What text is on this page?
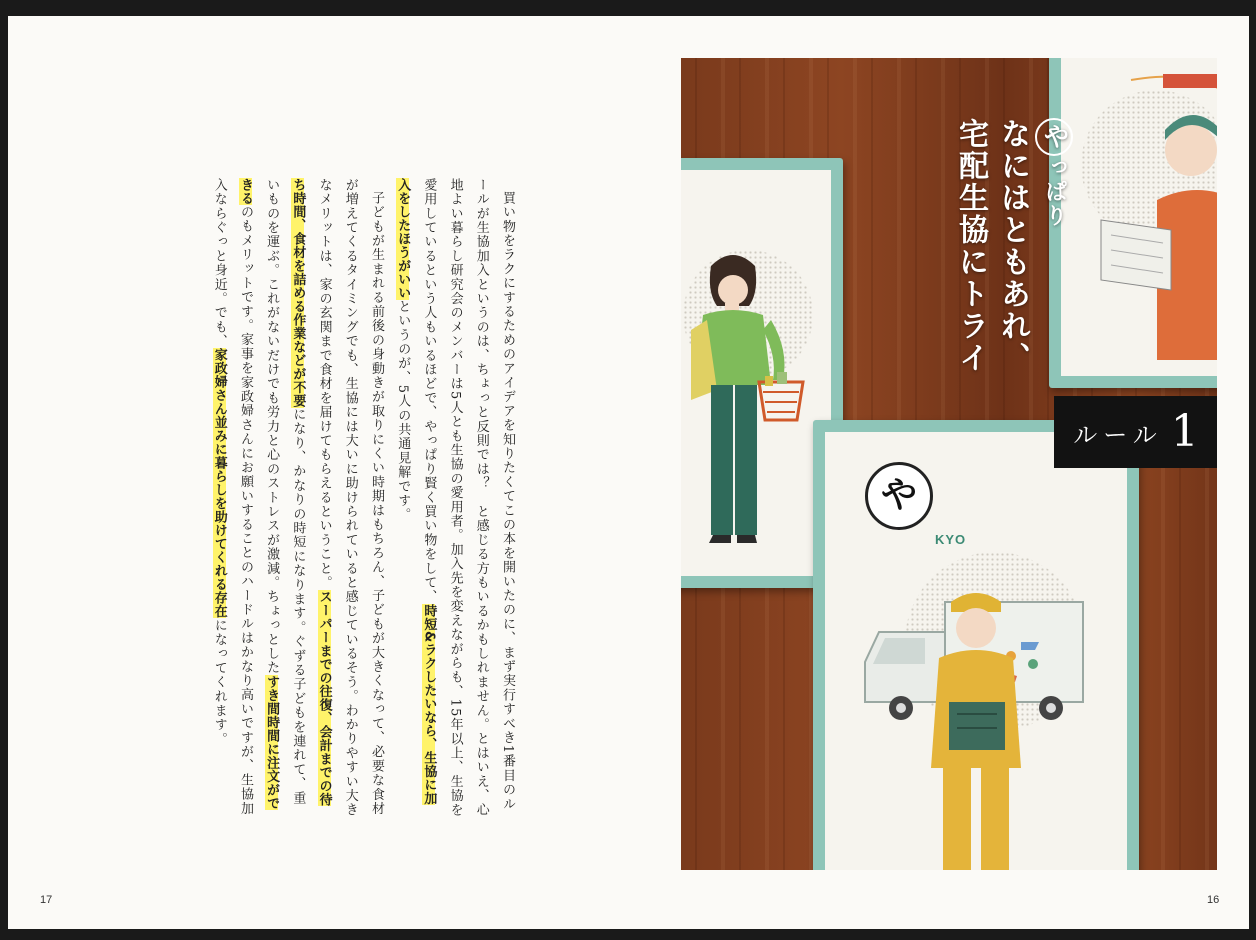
買い物をラクにするためのアイデアを知りたくてこの本を開いたのに、まず実行すべき1番目のルールが生協加入というのは、ちょっと反則では？　と感じる方もいるかもしれません。とはいえ、心地よい暮らし研究会のメンバーは5人とも生協の愛用者。加入先を変えながらも、15年以上、生協を愛用しているという人もいるほどで、やっぱり賢く買い物をして、時短&ラクしたいなら、生協に加入をしたほうがいいというのが、5人の共通見解です。

子どもが生まれる前後の身動きが取りにくい時期はもちろん、子どもが大きくなって、必要な食材が増えてくるタイミングでも、生協には大いに助けられていると感じているそう。わかりやすい大きなメリットは、家の玄関まで食材を届けてもらえるということ。スーパーまでの往復、会計までの待ち時間、食材を詰める作業などが不要になり、かなりの時短になります。ぐずる子どもを連れて、重いものを運ぶ。これがないだけでも労力と心のストレスが激減。ちょっとしたすき間時間に注文ができるのもメリットです。家事を家政婦さんにお願いすることのハードルはかなり高いですが、生協加入ならぐっと身近。でも、家政婦さん並みに暮らしを助けてくれる存在になってくれます。

17
や
KYO
やっぱり
なにはともあれ、
宅配生協にトライ
ルール 1
16
